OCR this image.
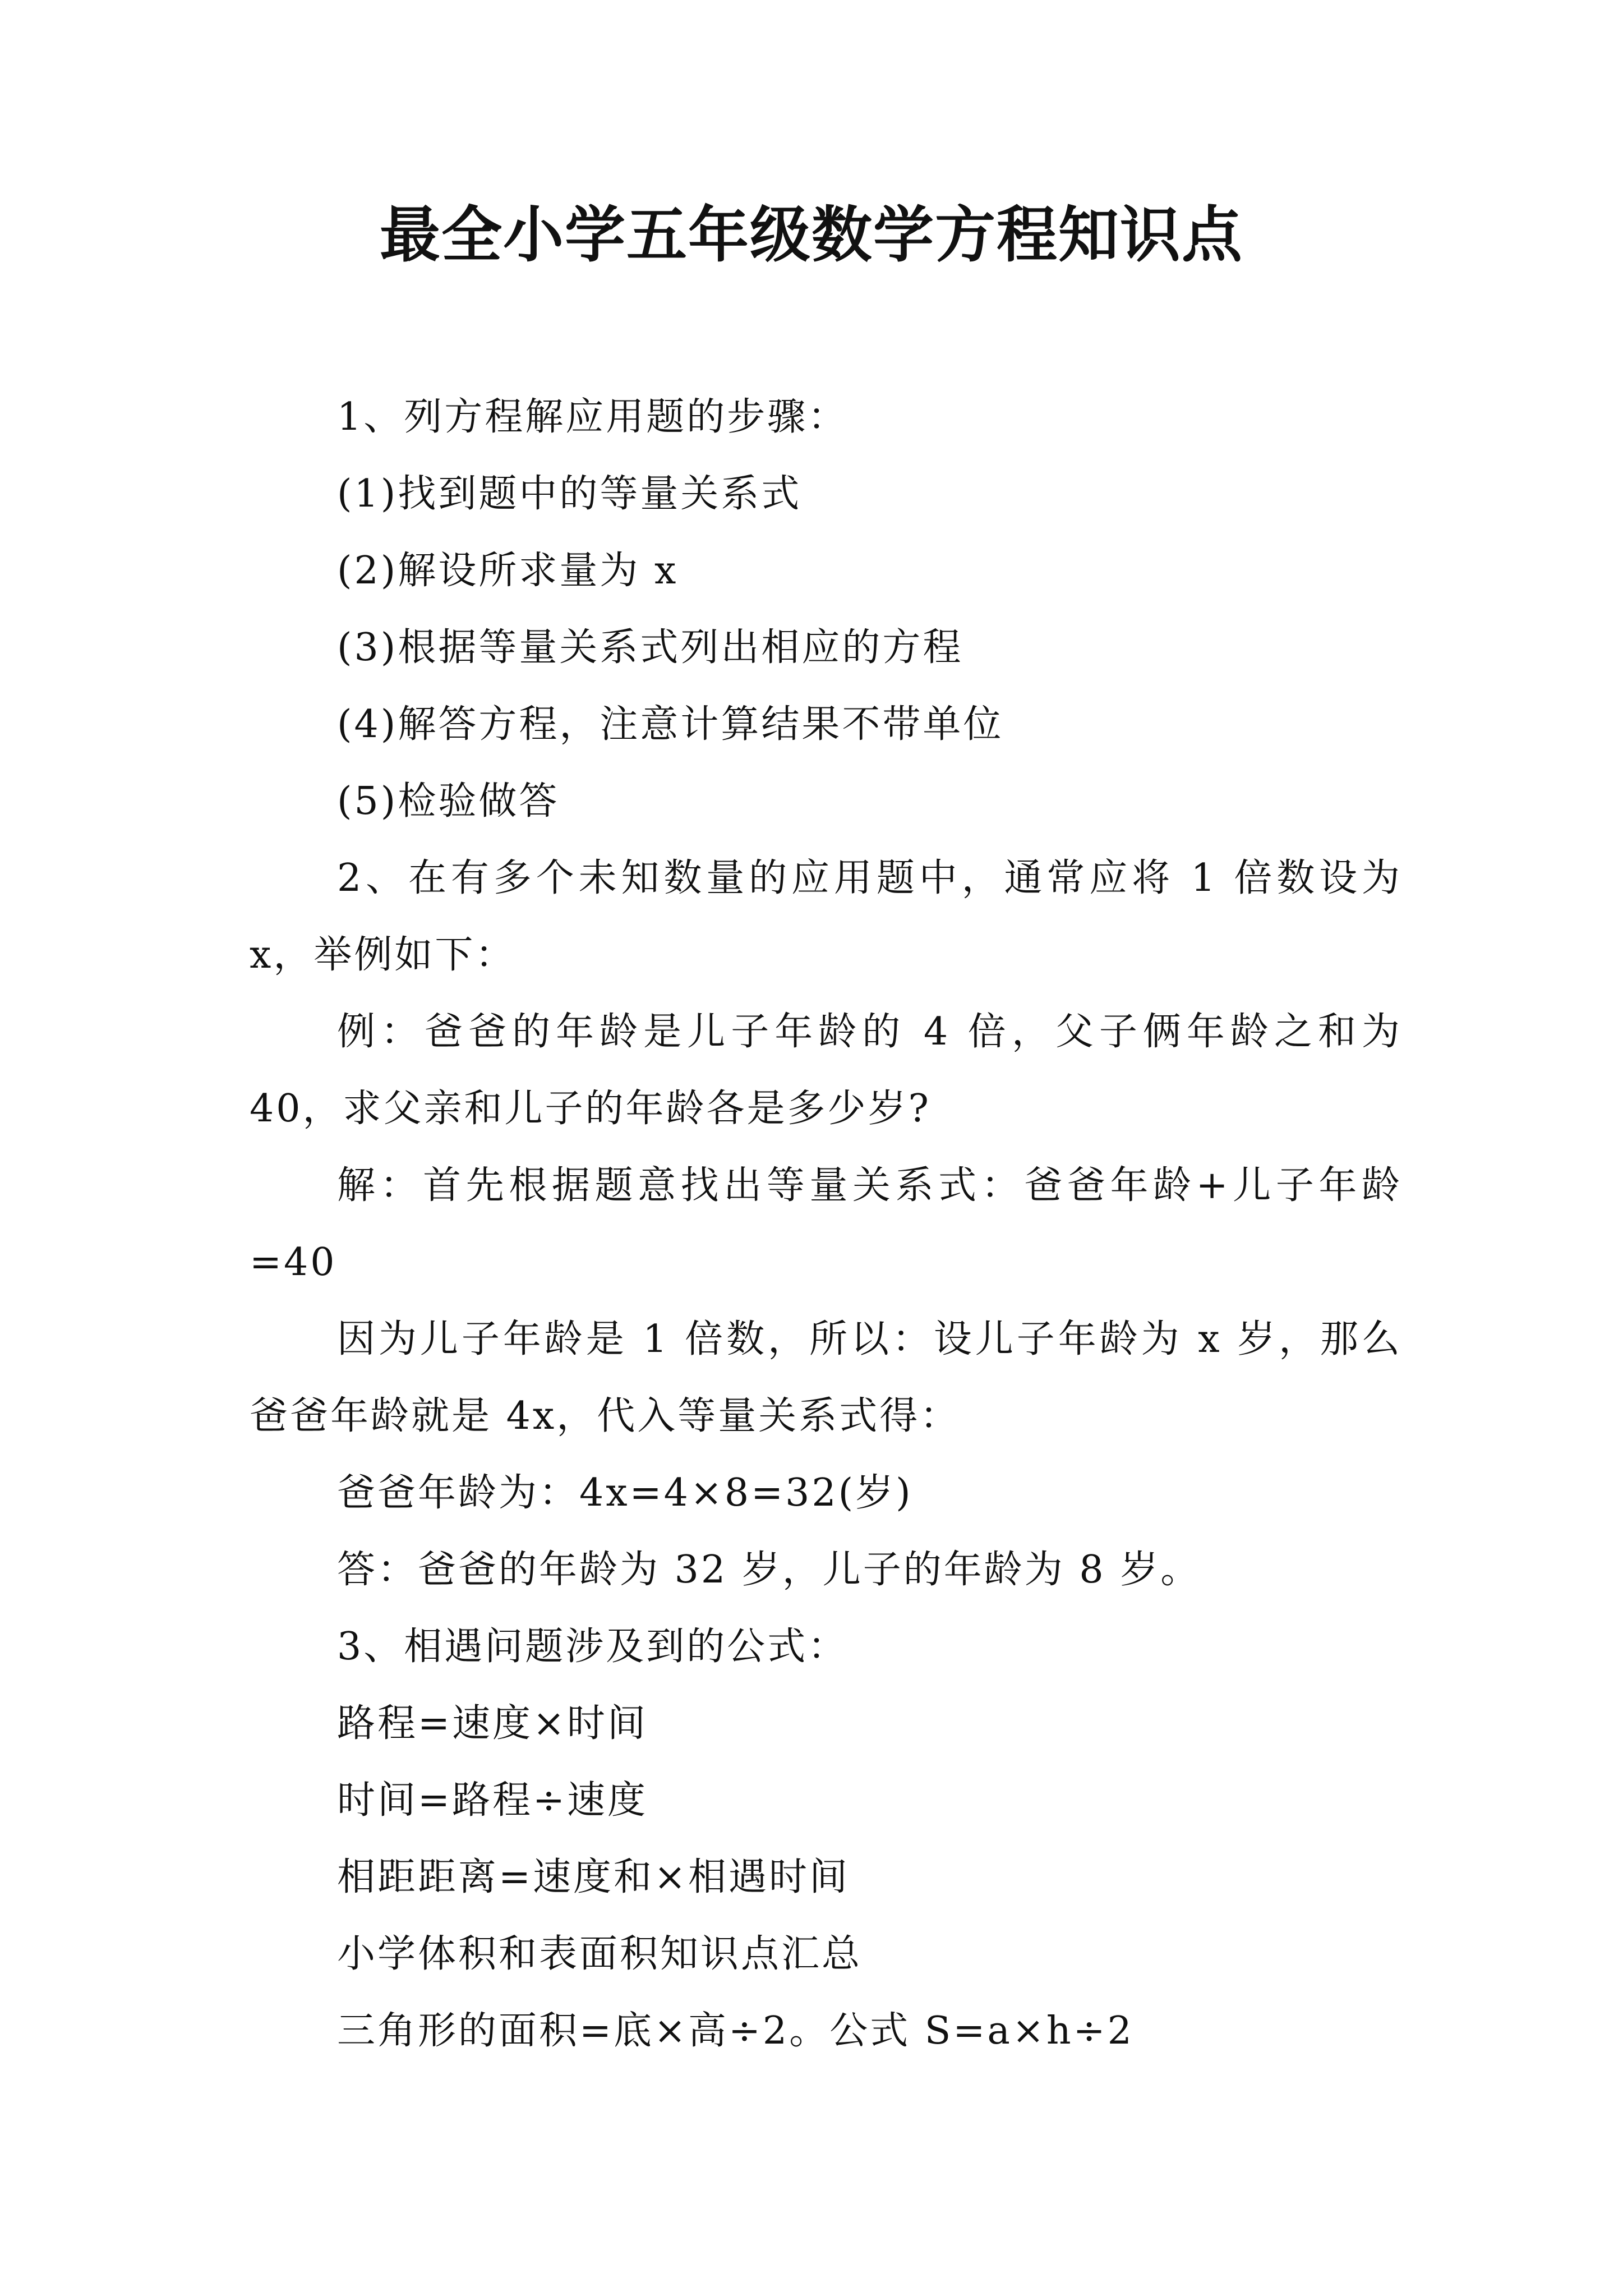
最全小学五年级数学方程知识点

1、列方程解应用题的步骤：

(1)找到题中的等量关系式

(2)解设所求量为 x

(3)根据等量关系式列出相应的方程

(4)解答方程，注意计算结果不带单位

(5)检验做答

2、在有多个未知数量的应用题中，通常应将 1 倍数设为 x，举例如下：

例：爸爸的年龄是儿子年龄的 4 倍，父子俩年龄之和为 40，求父亲和儿子的年龄各是多少岁?

解：首先根据题意找出等量关系式：爸爸年龄+儿子年龄=40

因为儿子年龄是 1 倍数，所以：设儿子年龄为 x 岁，那么爸爸年龄就是 4x，代入等量关系式得：

爸爸年龄为：4x=4×8=32(岁)

答：爸爸的年龄为 32 岁，儿子的年龄为 8 岁。

3、相遇问题涉及到的公式：

路程=速度×时间

时间=路程÷速度

相距距离=速度和×相遇时间

小学体积和表面积知识点汇总

三角形的面积=底×高÷2。公式 S=a×h÷2
